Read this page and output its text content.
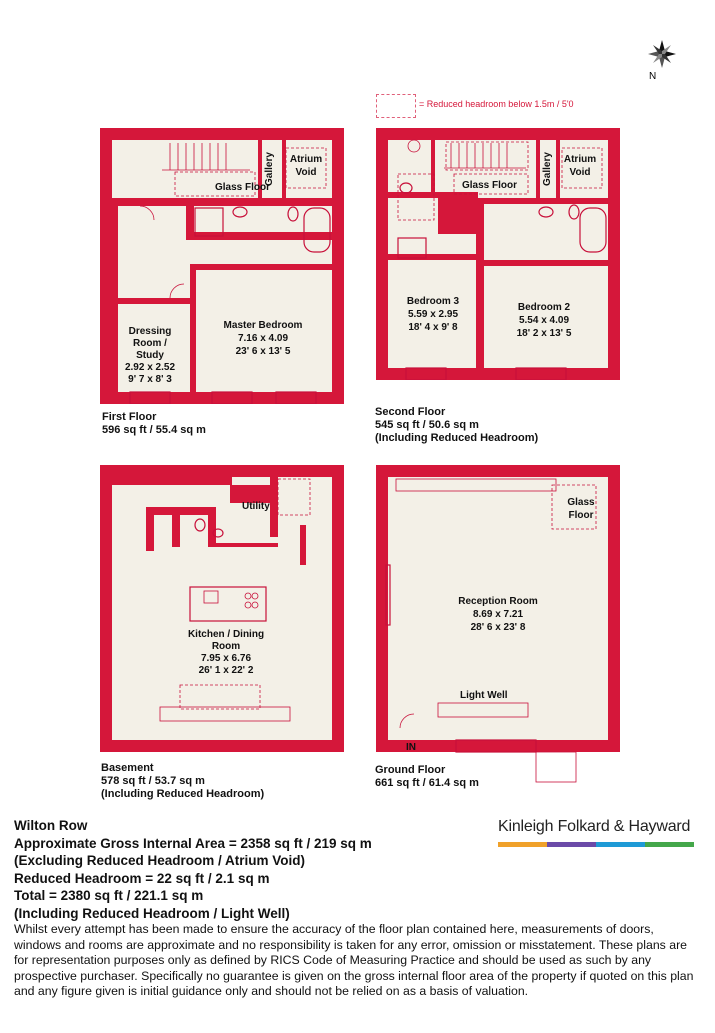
N
= Reduced headroom below 1.5m / 5'0
Glass Floor
Atrium
Void
Gallery
Master Bedroom
7.16 x 4.09
23' 6 x 13' 5
Dressing
Room /
Study
2.92 x 2.52
9' 7 x 8' 3
First Floor
596 sq ft / 55.4 sq m
Glass Floor
Atrium
Void
Gallery
Bedroom 3
5.59 x 2.95
18' 4 x 9' 8
Bedroom 2
5.54 x 4.09
18' 2 x 13' 5
Second Floor
545 sq ft / 50.6 sq m
(Including Reduced Headroom)
Utility
Kitchen / Dining
Room
7.95 x 6.76
26' 1 x 22' 2
Basement
578 sq ft / 53.7 sq m
(Including Reduced Headroom)
Glass
Floor
Reception Room
8.69 x 7.21
28' 6 x 23' 8
Light Well
IN
Ground Floor
661 sq ft / 61.4 sq m
Wilton Row
Approximate Gross Internal Area = 2358 sq ft / 219 sq m
(Excluding Reduced Headroom / Atrium Void)
Reduced Headroom = 22 sq ft / 2.1 sq m
Total = 2380 sq ft / 221.1 sq m
(Including Reduced Headroom / Light Well)
Kinleigh Folkard & Hayward
Whilst every attempt has been made to ensure the accuracy of the floor plan contained here, measurements of doors, windows and rooms are approximate and no responsibility is taken for any error, omission or misstatement. These plans are for representation purposes only as defined by RICS Code of Measuring Practice and should be used as such by any prospective purchaser. Specifically no guarantee is given on the gross internal floor area of the property if quoted on this plan and any figure given is initial guidance only and should not be relied on as a basis of valuation.
